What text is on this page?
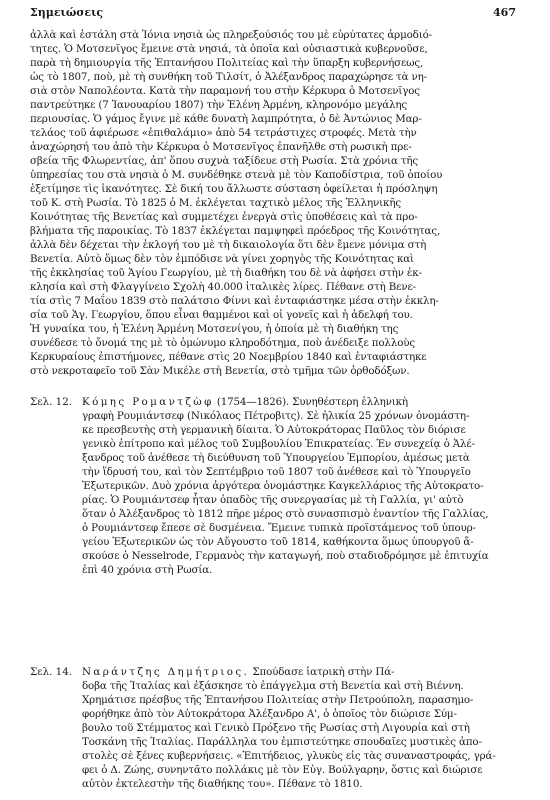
Σημειώσεις	467
ἀλλὰ καὶ ἐστάλη στὰ Ἰόνια νησιὰ ὡς πληρεξούσιός του μὲ εὐρύτατες ἁρμοδιό-
τητες. Ὁ Μοτσενῖγος ἔμεινε στὰ νησιά, τὰ ὁποῖα καὶ οὐσιαστικὰ κυβερνοῦσε,
παρὰ τὴ δημιουργία τῆς Ἑπτανήσου Πολιτείας καὶ τὴν ὕπαρξη κυβερνήσεως,
ὡς τὸ 1807, ποὺ, μὲ τὴ συνθήκη τοῦ Τιλσίτ, ὁ Ἀλέξανδρος παραχώρησε τὰ νη-
σιὰ στὸν Ναπολέοντα. Κατὰ τὴν παραμονή του στὴν Κέρκυρα ὁ Μοτσενῖγος
παντρεύτηκε (7 Ἰανουαρίου 1807) τὴν Ἑλένη Ἀρμένη, κληρονόμο μεγάλης
περιουσίας. Ὁ γάμος ἔγινε μὲ κάθε δυνατὴ λαμπρότητα, ὁ δὲ Ἀντώνιος Μαρ-
τελάος τοῦ ἀφιέρωσε «ἐπιθαλάμιο» ἀπὸ 54 τετράστιχες στροφές. Μετὰ τὴν
ἀναχώρησή του ἀπὸ τὴν Κέρκυρα ὁ Μοτσενῖγος ἐπανῆλθε στὴ ρωσικὴ πρε-
σβεία τῆς Φλωρεντίας, ἀπ' ὅπου συχνὰ ταξίδευε στὴ Ρωσία. Στὰ χρόνια τῆς
ὑπηρεσίας του στὰ νησιὰ ὁ Μ. συνδέθηκε στενὰ μὲ τὸν Καποδίστρια, τοῦ ὁποίου
ἐξετίμησε τὶς ἱκανότητες. Σὲ δική του ἄλλωστε σύσταση ὀφείλεται ἡ πρόσληψη
τοῦ Κ. στὴ Ρωσία. Τὸ 1825 ὁ Μ. ἐκλέγεται ταχτικὸ μέλος τῆς Ἑλληνικῆς
Κοινότητας τῆς Βενετίας καὶ συμμετέχει ἐνεργὰ στὶς ὑποθέσεις καὶ τὰ προ-
βλήματα τῆς παροικίας. Τὸ 1837 ἐκλέγεται παμψηφεὶ πρόεδρος τῆς Κοινότητας,
ἀλλὰ δὲν δέχεται τὴν ἐκλογή του μὲ τὴ δικαιολογία ὅτι δὲν ἔμενε μόνιμα στὴ
Βενετία. Αὐτὸ ὅμως δὲν τὸν ἐμπόδισε νὰ γίνει χορηγὸς τῆς Κοινότητας καὶ
τῆς ἐκκλησίας τοῦ Ἁγίου Γεωργίου, μὲ τὴ διαθήκη του δὲ νὰ ἀφήσει στὴν ἐκ-
κλησία καὶ στὴ Φλαγγίνειο Σχολὴ 40.000 ἰταλικὲς λίρες. Πέθανε στὴ Βενε-
τία στὶς 7 Μαΐου 1839 στὸ παλάτσιο Φίννι καὶ ἐνταφιάστηκε μέσα στὴν ἐκκλη-
σία τοῦ Ἁγ. Γεωργίου, ὅπου εἶναι θαμμένοι καὶ οἱ γονεῖς καὶ ἡ ἀδελφή του.
Ἡ γυναίκα του, ἡ Ἑλένη Ἀρμένη Μοτσενίγου, ἡ ὁποία μὲ τὴ διαθήκη της
συνέδεσε τὸ ὄνομά της μὲ τὸ ὁμώνυμο κληροδότημα, ποὺ ἀνέδειξε πολλοὺς
Κερκυραίους ἐπιστήμονες, πέθανε στὶς 20 Νοεμβρίου 1840 καὶ ἐνταφιάστηκε
στὸ νεκροταφεῖο τοῦ Σὰν Μικέλε στὴ Βενετία, στὸ τμῆμα τῶν ὀρθοδόξων.
Σελ. 12. Κόμης Ρομαντζὼφ (1754—1826). Συνηθέστερη ἑλληνικὴ
γραφὴ Ρουμιάντσεφ (Νικόλαος Πέτροβιτς). Σὲ ἡλικία 25 χρόνων ὀνομάστη-
κε πρεσβευτὴς στὴ γερμανικὴ δίαιτα. Ὁ Αὐτοκράτορας Παῦλος τὸν διόρισε
γενικὸ ἐπίτροπο καὶ μέλος τοῦ Συμβουλίου Ἐπικρατείας. Ἐν συνεχείᾳ ὁ Ἀλέ-
ξανδρος τοῦ ἀνέθεσε τὴ διεύθυνση τοῦ Ὑπουργείου Ἐμπορίου, ἀμέσως μετὰ
τὴν ἵδρυσή του, καὶ τὸν Σεπτέμβριο τοῦ 1807 τοῦ ἀνέθεσε καὶ τὸ Ὑπουργεῖο
Ἐξωτερικῶν. Δυὸ χρόνια ἀργότερα ὀνομάστηκε Καγκελλάριος τῆς Αὐτοκρατο-
ρίας. Ὁ Ρουμιάντσεφ ἦταν ὀπαδὸς τῆς συνεργασίας μὲ τὴ Γαλλία, γι' αὐτὸ
ὅταν ὁ Ἀλέξανδρος τὸ 1812 πῆρε μέρος στὸ συνασπισμὸ ἐναντίον τῆς Γαλλίας,
ὁ Ρουμιάντσεφ ἔπεσε σὲ δυσμένεια. Ἔμεινε τυπικὰ προϊστάμενος τοῦ ὑπουρ-
γείου Ἐξωτερικῶν ὡς τὸν Αὔγουστο τοῦ 1814, καθήκοντα ὅμως ὑπουργοῦ ἄ-
σκούσε ὁ Nesselrode, Γερμανὸς τὴν καταγωγή, ποὺ σταδιοδρόμησε μὲ ἐπιτυχία
ἐπὶ 40 χρόνια στὴ Ρωσία.
Σελ. 14. Ναράντζης Δημήτριος. Σπούδασε ἰατρικὴ στὴν Πά-
δοβα τῆς Ἰταλίας καὶ ἐξάσκησε τὸ ἐπάγγελμα στὴ Βενετία καὶ στὴ Βιέννη.
Χρημάτισε πρέσβυς τῆς Ἑπτανήσου Πολιτείας στὴν Πετρούπολη, παρασημο-
φορήθηκε ἀπὸ τὸν Αὐτοκράτορα Ἀλέξανδρο Α', ὁ ὁποῖος τὸν διώρισε Σύμ-
βουλο τοῦ Στέμματος καὶ Γενικὸ Πρόξενο τῆς Ρωσίας στὴ Λιγουρία καὶ στὴ
Τοσκάνη τῆς Ἰταλίας. Παράλληλα του ἐμπιστεύτηκε σπουδαῖες μυστικὲς ἀπο-
στολὲς σὲ ξένες κυβερνήσεις. «Ἐπιτήδειος, γλυκὺς εἰς τὰς συναναστροφάς, γρά-
φει ὁ Δ. Ζώης, συνηντᾶτο πολλάκις μὲ τὸν Εὐγ. Βούλγαρην, ὅστις καὶ διώρισε
αὐτὸν ἐκτελεστὴν τῆς διαθήκης του». Πέθανε τὸ 1810.
